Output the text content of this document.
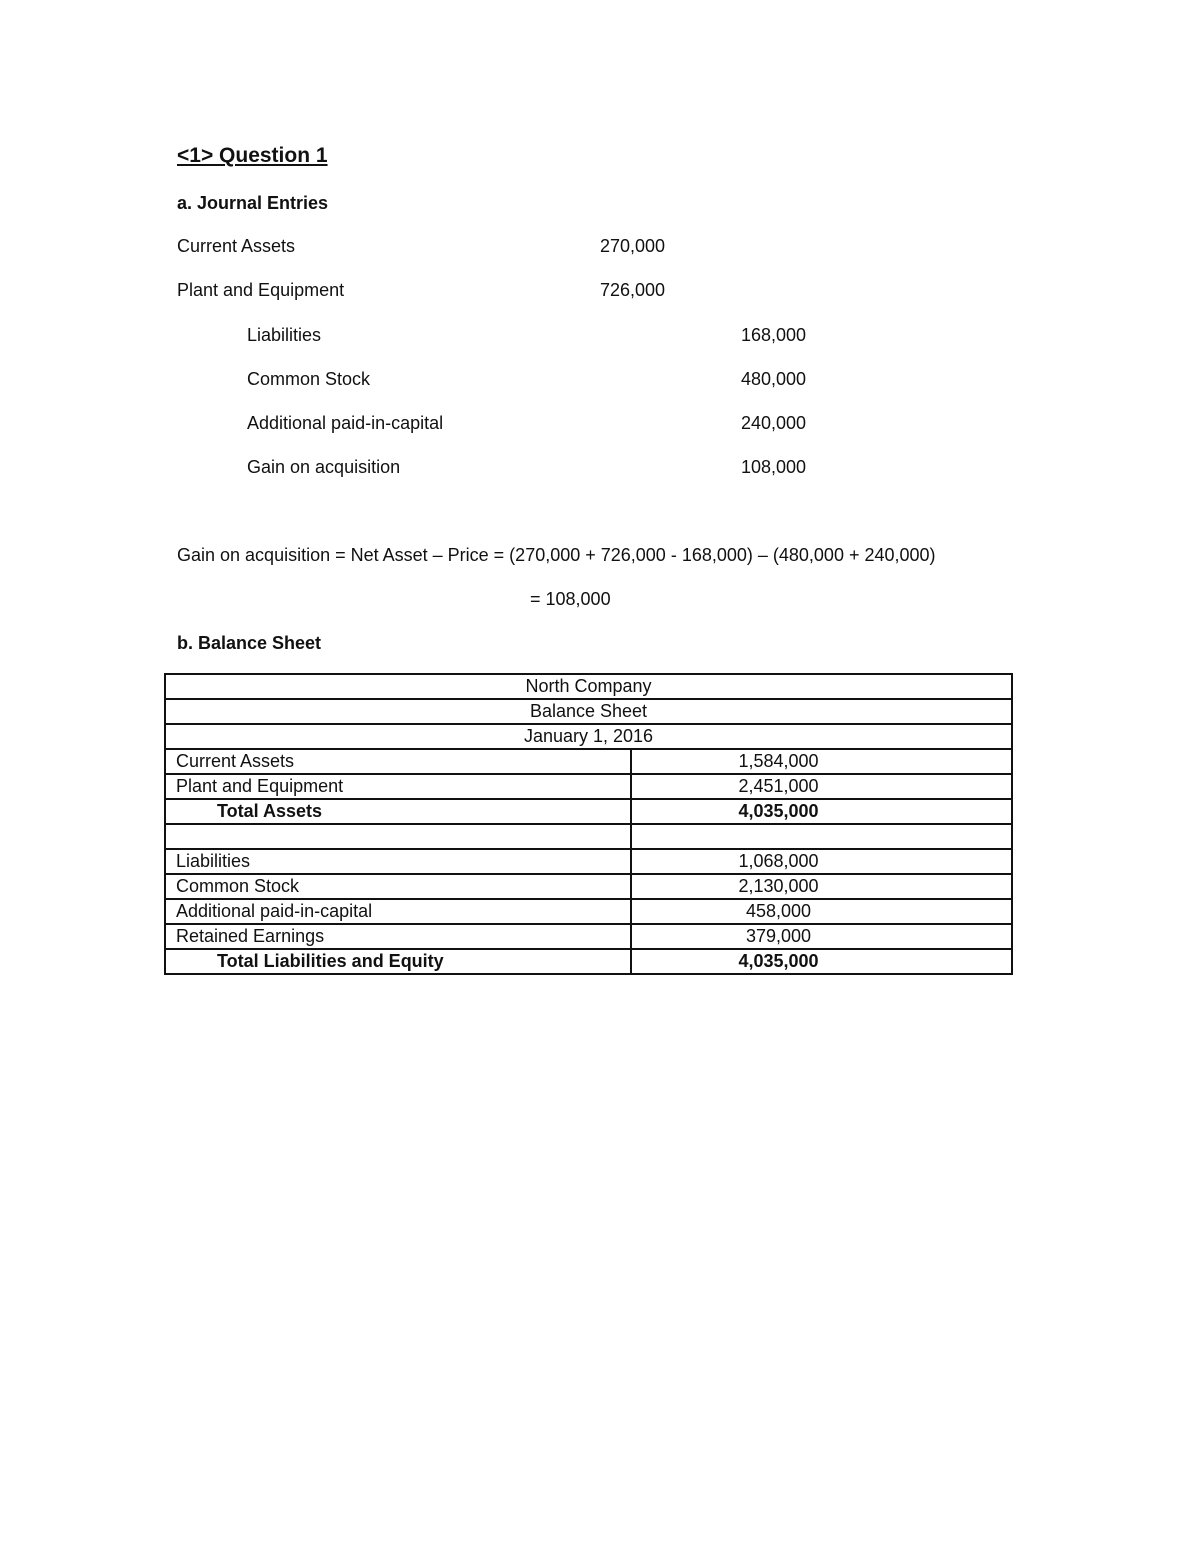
<1> Question 1
a. Journal Entries
Current Assets	270,000
Plant and Equipment	726,000
Liabilities	168,000
Common Stock	480,000
Additional paid-in-capital	240,000
Gain on acquisition	108,000
Gain on acquisition = Net Asset – Price = (270,000 + 726,000 - 168,000) – (480,000 + 240,000)
= 108,000
b. Balance Sheet
North Company	
Balance Sheet	
January 1, 2016	
Current Assets	1,584,000
Plant and Equipment	2,451,000
Total Assets	4,035,000

Liabilities	1,068,000
Common Stock	2,130,000
Additional paid-in-capital	458,000
Retained Earnings	379,000
Total Liabilities and Equity	4,035,000
